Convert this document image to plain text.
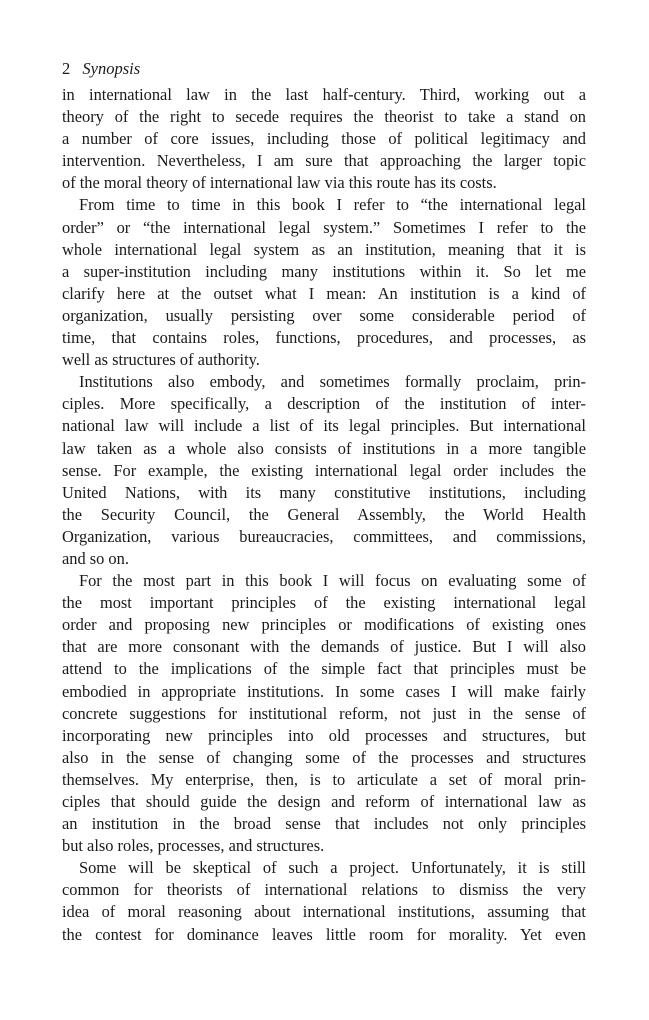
2 Synopsis
in international law in the last half-century. Third, working out a
theory of the right to secede requires the theorist to take a stand on
a number of core issues, including those of political legitimacy and
intervention. Nevertheless, I am sure that approaching the larger topic
of the moral theory of international law via this route has its costs.
From time to time in this book I refer to “the international legal
order” or “the international legal system.” Sometimes I refer to the
whole international legal system as an institution, meaning that it is
a super-institution including many institutions within it. So let me
clarify here at the outset what I mean: An institution is a kind of
organization, usually persisting over some considerable period of
time, that contains roles, functions, procedures, and processes, as
well as structures of authority.
Institutions also embody, and sometimes formally proclaim, prin-
ciples. More specifically, a description of the institution of inter-
national law will include a list of its legal principles. But international
law taken as a whole also consists of institutions in a more tangible
sense. For example, the existing international legal order includes the
United Nations, with its many constitutive institutions, including
the Security Council, the General Assembly, the World Health
Organization, various bureaucracies, committees, and commissions,
and so on.
For the most part in this book I will focus on evaluating some of
the most important principles of the existing international legal
order and proposing new principles or modifications of existing ones
that are more consonant with the demands of justice. But I will also
attend to the implications of the simple fact that principles must be
embodied in appropriate institutions. In some cases I will make fairly
concrete suggestions for institutional reform, not just in the sense of
incorporating new principles into old processes and structures, but
also in the sense of changing some of the processes and structures
themselves. My enterprise, then, is to articulate a set of moral prin-
ciples that should guide the design and reform of international law as
an institution in the broad sense that includes not only principles
but also roles, processes, and structures.
Some will be skeptical of such a project. Unfortunately, it is still
common for theorists of international relations to dismiss the very
idea of moral reasoning about international institutions, assuming that
the contest for dominance leaves little room for morality. Yet even
